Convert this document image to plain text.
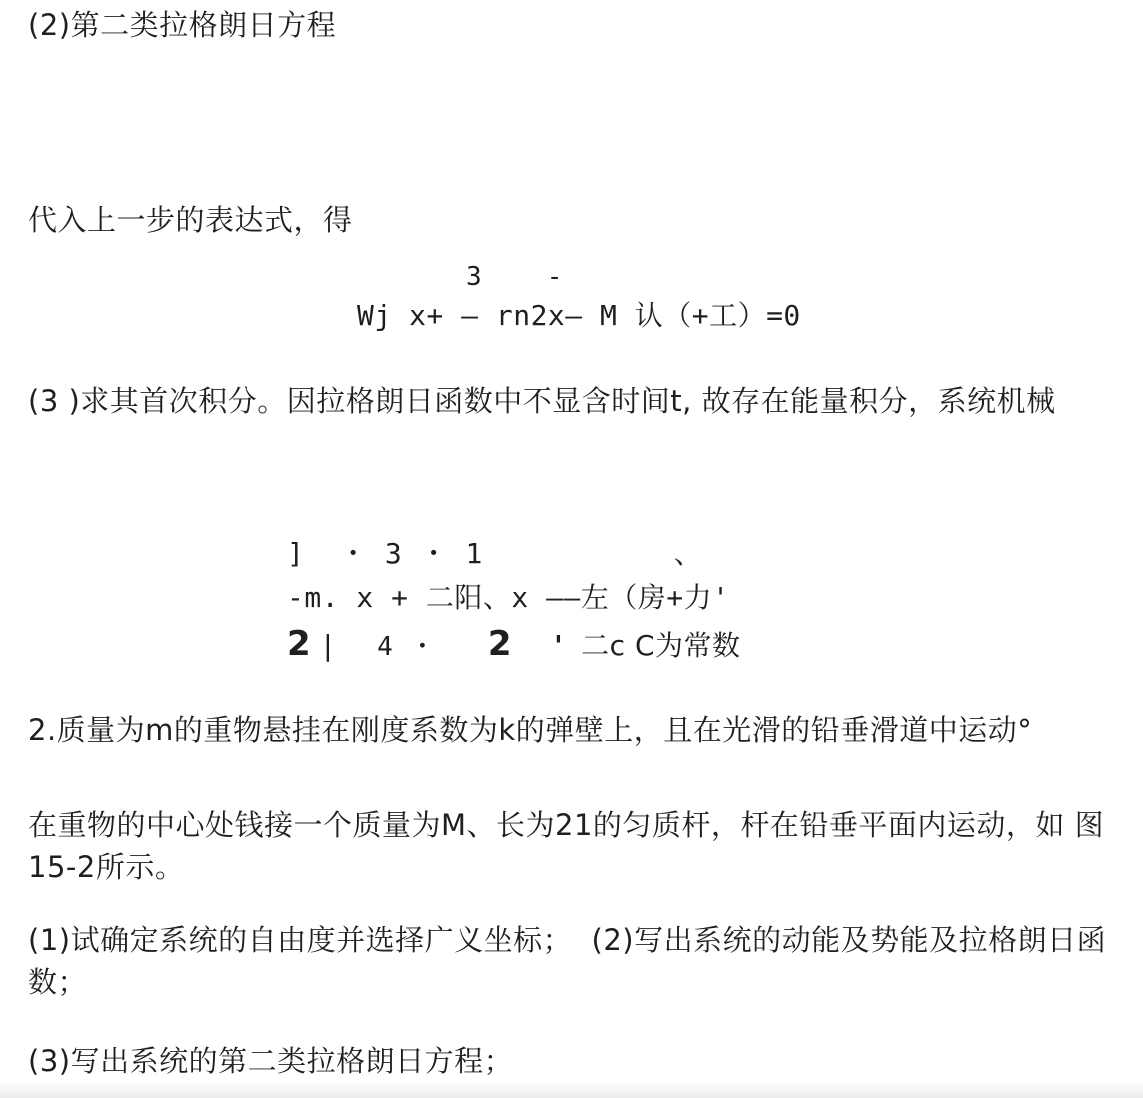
(2)第二类拉格朗日方程
代入上一步的表达式，得
3    -
Wj x+ — rn2x— M 认（+工）=0
(3 )求其首次积分。因拉格朗日函数中不显含时间t, 故存在能量积分，系统机械
]  ・ 3 ・ 1           、
-m. x + 二阳、x ——左（房+力'
2 | 4 ・ 2 ' 二c C为常数
2.质量为m的重物悬挂在刚度系数为k的弹壁上，且在光滑的铅垂滑道中运动°
在重物的中心处钱接一个质量为M、长为21的匀质杆，杆在铅垂平面内运动，如 图
15-2所示。
(1)试确定系统的自由度并选择广义坐标；  (2)写出系统的动能及势能及拉格朗日函
数；
(3)写出系统的第二类拉格朗日方程；
